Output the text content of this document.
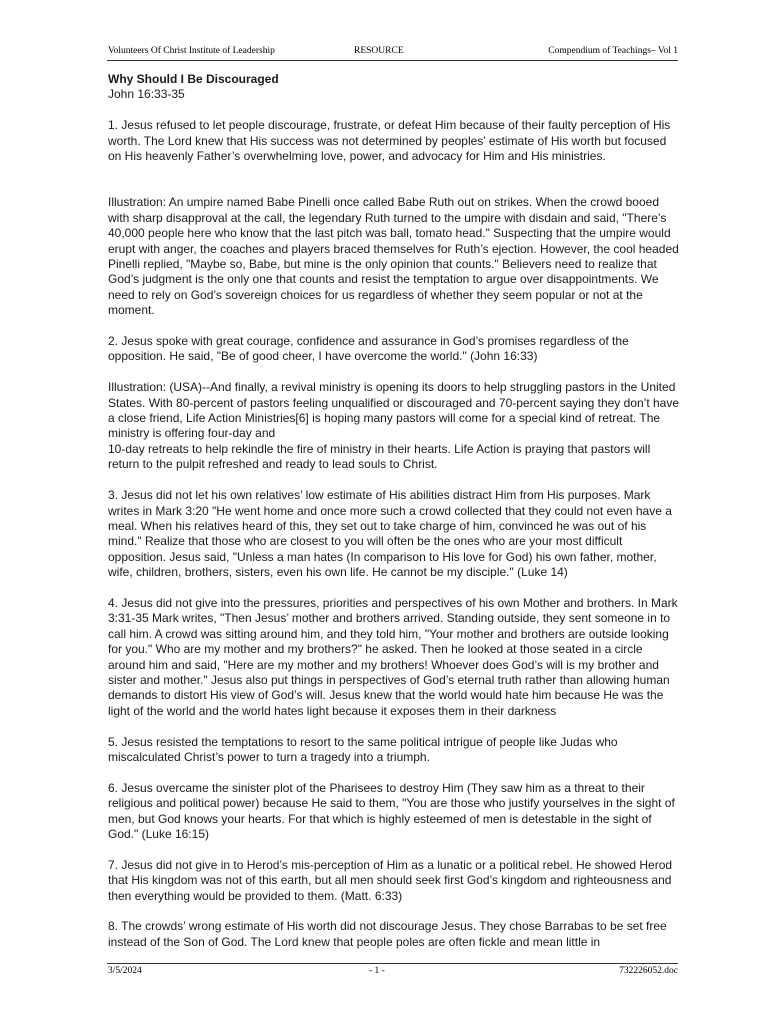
Volunteers Of Christ Institute of Leadership	RESOURCE	Compendium of Teachings– Vol 1

Why Should I Be Discouraged

John 16:33-35

1. Jesus refused to let people discourage, frustrate, or defeat Him because of their faulty perception of His worth. The Lord knew that His success was not determined by peoples’ estimate of His worth but focused on His heavenly Father’s overwhelming love, power, and advocacy for Him and His ministries.

Illustration: An umpire named Babe Pinelli once called Babe Ruth out on strikes. When the crowd booed with sharp disapproval at the call, the legendary Ruth turned to the umpire with disdain and said, "There’s 40,000 people here who know that the last pitch was ball, tomato head." Suspecting that the umpire would erupt with anger, the coaches and players braced themselves for Ruth’s ejection. However, the cool headed Pinelli replied, "Maybe so, Babe, but mine is the only opinion that counts." Believers need to realize that God’s judgment is the only one that counts and resist the temptation to argue over disappointments. We need to rely on God’s sovereign choices for us regardless of whether they seem popular or not at the moment.

2. Jesus spoke with great courage, confidence and assurance in God’s promises regardless of the opposition. He said, "Be of good cheer, I have overcome the world." (John 16:33)

Illustration: (USA)--And finally, a revival ministry is opening its doors to help struggling pastors in the United States. With 80-percent of pastors feeling unqualified or discouraged and 70-percent saying they don’t have a close friend, Life Action Ministries[6] is hoping many pastors will come for a special kind of retreat. The ministry is offering four-day and

10-day retreats to help rekindle the fire of ministry in their hearts. Life Action is praying that pastors will return to the pulpit refreshed and ready to lead souls to Christ.

3. Jesus did not let his own relatives’ low estimate of His abilities distract Him from His purposes. Mark writes in Mark 3:20 "He went home and once more such a crowd collected that they could not even have a meal. When his relatives heard of this, they set out to take charge of him, convinced he was out of his mind." Realize that those who are closest to you will often be the ones who are your most difficult opposition. Jesus said, "Unless a man hates (In comparison to His love for God) his own father, mother, wife, children, brothers, sisters, even his own life. He cannot be my disciple." (Luke 14)

4. Jesus did not give into the pressures, priorities and perspectives of his own Mother and brothers. In Mark 3:31-35 Mark writes, "Then Jesus’ mother and brothers arrived. Standing outside, they sent someone in to call him. A crowd was sitting around him, and they told him, "Your mother and brothers are outside looking for you." Who are my mother and my brothers?" he asked. Then he looked at those seated in a circle around him and said, "Here are my mother and my brothers! Whoever does God’s will is my brother and sister and mother." Jesus also put things in perspectives of God’s eternal truth rather than allowing human demands to distort His view of God’s will. Jesus knew that the world would hate him because He was the light of the world and the world hates light because it exposes them in their darkness

5. Jesus resisted the temptations to resort to the same political intrigue of people like Judas who miscalculated Christ’s power to turn a tragedy into a triumph.

6. Jesus overcame the sinister plot of the Pharisees to destroy Him (They saw him as a threat to their religious and political power) because He said to them, "You are those who justify yourselves in the sight of men, but God knows your hearts. For that which is highly esteemed of men is detestable in the sight of God." (Luke 16:15)

7. Jesus did not give in to Herod’s mis-perception of Him as a lunatic or a political rebel. He showed Herod that His kingdom was not of this earth, but all men should seek first God’s kingdom and righteousness and then everything would be provided to them. (Matt. 6:33)

8. The crowds’ wrong estimate of His worth did not discourage Jesus. They chose Barrabas to be set free instead of the Son of God. The Lord knew that people poles are often fickle and mean little in

3/5/2024	- 1 -	732226052.doc
